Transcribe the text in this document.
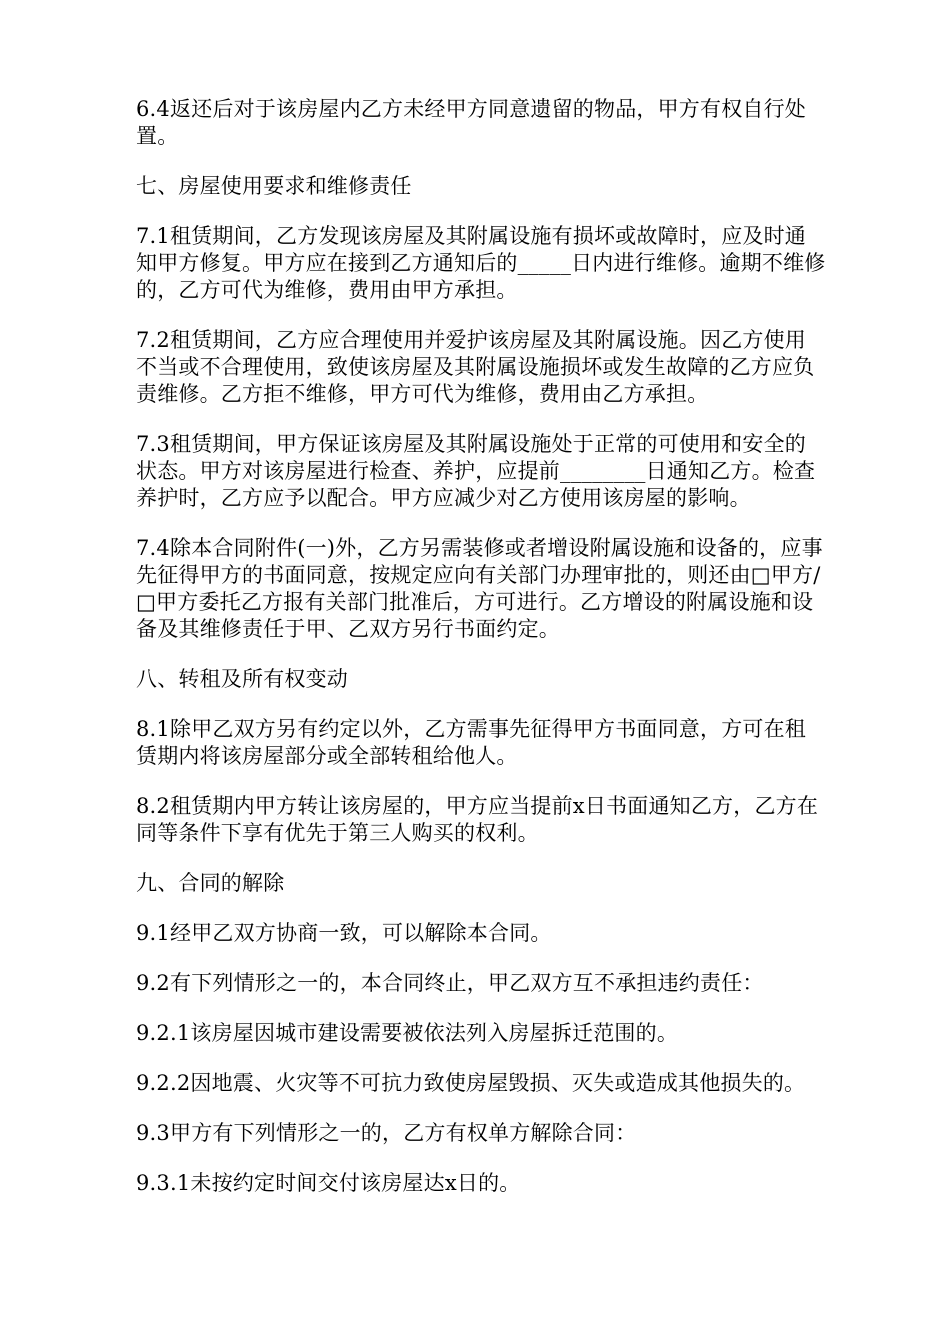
6.4返还后对于该房屋内乙方未经甲方同意遗留的物品，甲方有权自行处置。

七、房屋使用要求和维修责任

7.1租赁期间，乙方发现该房屋及其附属设施有损坏或故障时，应及时通知甲方修复。甲方应在接到乙方通知后的_____日内进行维修。逾期不维修的，乙方可代为维修，费用由甲方承担。

7.2租赁期间，乙方应合理使用并爱护该房屋及其附属设施。因乙方使用不当或不合理使用，致使该房屋及其附属设施损坏或发生故障的乙方应负责维修。乙方拒不维修，甲方可代为维修，费用由乙方承担。

7.3租赁期间，甲方保证该房屋及其附属设施处于正常的可使用和安全的状态。甲方对该房屋进行检查、养护，应提前________日通知乙方。检查养护时，乙方应予以配合。甲方应减少对乙方使用该房屋的影响。

7.4除本合同附件(一)外，乙方另需装修或者增设附属设施和设备的，应事先征得甲方的书面同意，按规定应向有关部门办理审批的，则还由□甲方/□甲方委托乙方报有关部门批准后，方可进行。乙方增设的附属设施和设备及其维修责任于甲、乙双方另行书面约定。

八、转租及所有权变动

8.1除甲乙双方另有约定以外，乙方需事先征得甲方书面同意，方可在租赁期内将该房屋部分或全部转租给他人。

8.2租赁期内甲方转让该房屋的，甲方应当提前x日书面通知乙方，乙方在同等条件下享有优先于第三人购买的权利。

九、合同的解除

9.1经甲乙双方协商一致，可以解除本合同。

9.2有下列情形之一的，本合同终止，甲乙双方互不承担违约责任：

9.2.1该房屋因城市建设需要被依法列入房屋拆迁范围的。

9.2.2因地震、火灾等不可抗力致使房屋毁损、灭失或造成其他损失的。

9.3甲方有下列情形之一的，乙方有权单方解除合同：

9.3.1未按约定时间交付该房屋达x日的。
